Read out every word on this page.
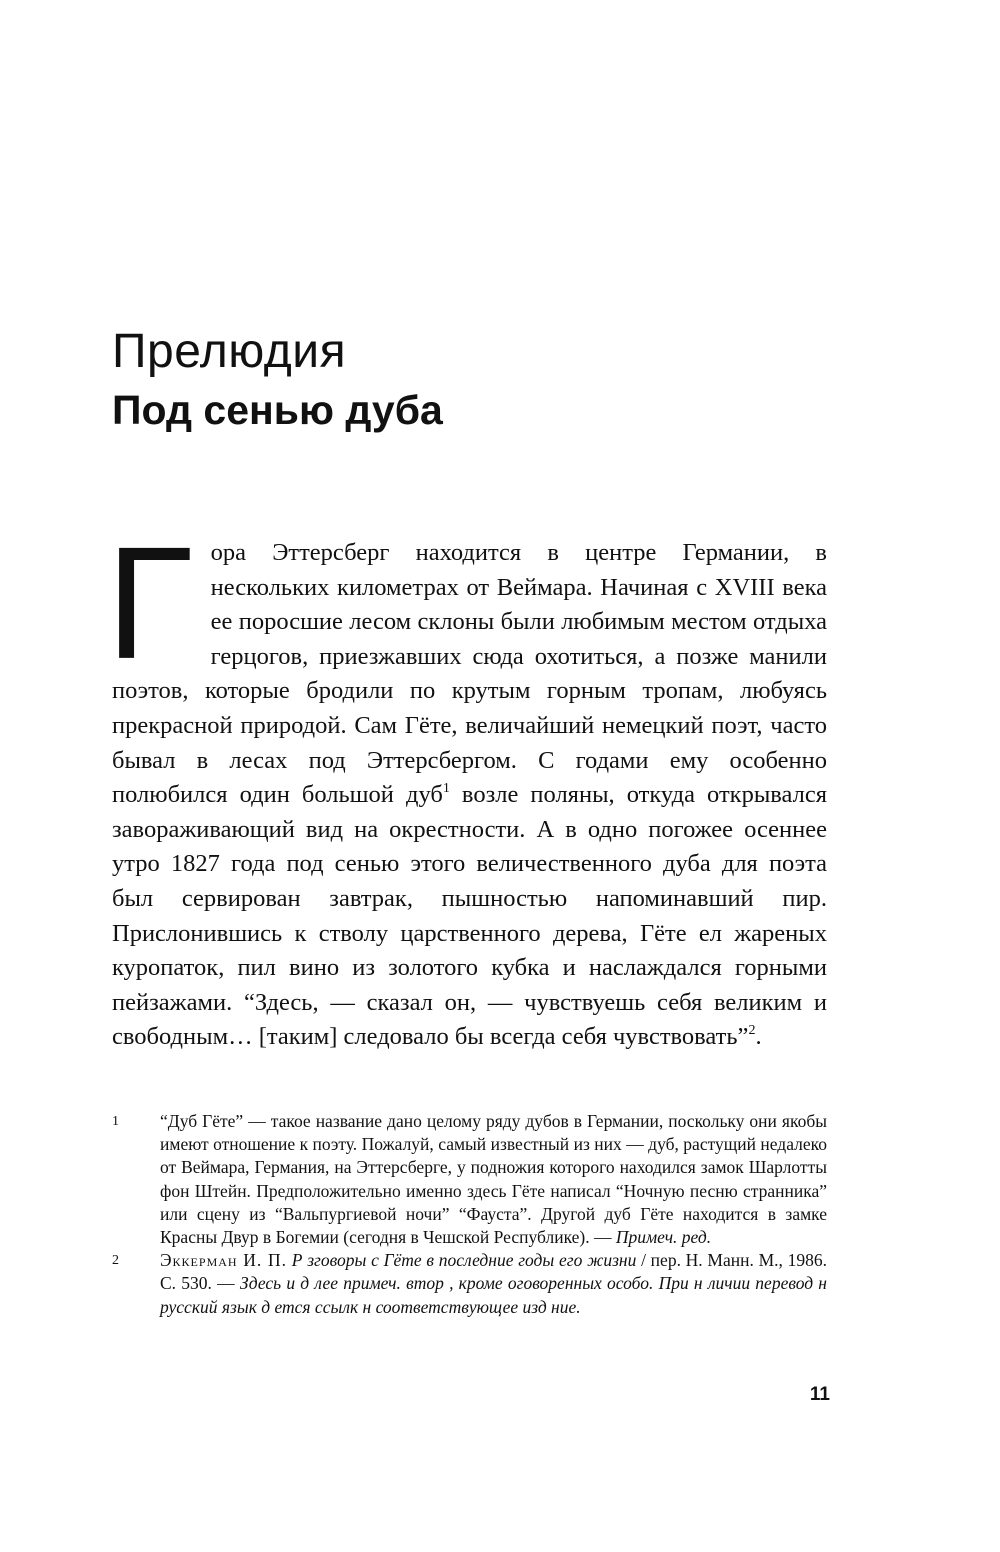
Прелюдия
Под сенью дуба

Гора Эттерсберг находится в центре Германии, в нескольких километрах от Веймара. Начиная с XVIII века ее поросшие лесом склоны были любимым местом отдыха герцогов, приезжавших сюда охотиться, а позже манили поэтов, которые бродили по крутым горным тропам, любуясь прекрасной природой. Сам Гёте, величайший немецкий поэт, часто бывал в лесах под Эттерсбергом. С годами ему особенно полюбился один большой дуб$^1$ возле поляны, откуда открывался завораживающий вид на окрестности. А в одно погожее осеннее утро 1827 года под сенью этого величественного дуба для поэта был сервирован завтрак, пышностью напоминавший пир. Прислонившись к стволу царственного дерева, Гёте ел жареных куропаток, пил вино из золотого кубка и наслаждался горными пейзажами. “Здесь, — сказал он, — чувствуешь себя великим и свободным… [таким] следовало бы всегда себя чувствовать”$^2$.

1	“Дуб Гёте” — такое название дано целому ряду дубов в Германии, поскольку они якобы имеют отношение к поэту. Пожалуй, самый известный из них — дуб, растущий недалеко от Веймара, Германия, на Эттерсберге, у подножия которого находился замок Шарлотты фон Штейн. Предположительно именно здесь Гёте написал “Ночную песню странника” или сцену из “Вальпургиевой ночи” “Фауста”. Другой дуб Гёте находится в замке Красны Двур в Богемии (сегодня в Чешской Республике). — Примеч. ред.
2	Эккерман И. П. Р зговоры с Гёте в последние годы его жизни / пер. Н. Манн. М., 1986. С. 530. — Здесь и д лее примеч. втор , кроме оговоренных особо. При н личии перевод н русский язык д ется ссылк н соответствующее изд ние.
11
